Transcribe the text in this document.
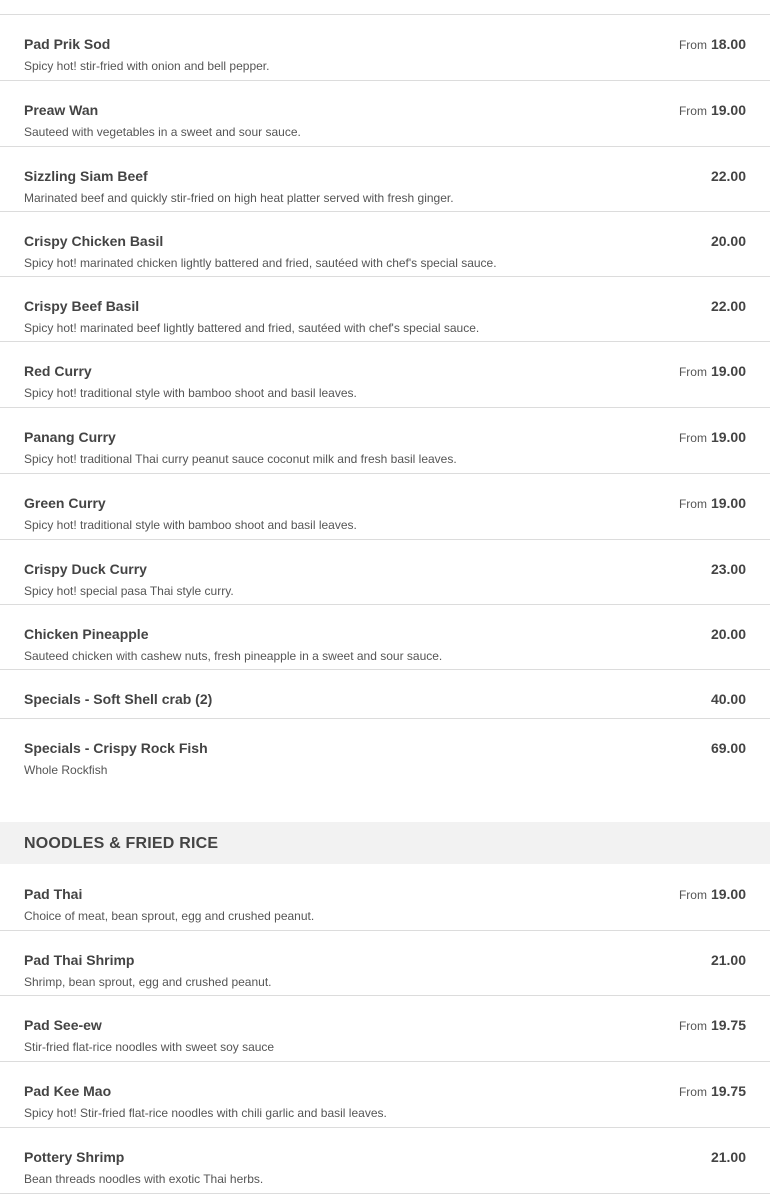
Pad Prik Sod
Spicy hot! stir-fried with onion and bell pepper.
From 18.00
Preaw Wan
Sauteed with vegetables in a sweet and sour sauce.
From 19.00
Sizzling Siam Beef
Marinated beef and quickly stir-fried on high heat platter served with fresh ginger.
22.00
Crispy Chicken Basil
Spicy hot! marinated chicken lightly battered and fried, sautéed with chef's special sauce.
20.00
Crispy Beef Basil
Spicy hot! marinated beef lightly battered and fried, sautéed with chef's special sauce.
22.00
Red Curry
Spicy hot! traditional style with bamboo shoot and basil leaves.
From 19.00
Panang Curry
Spicy hot! traditional Thai curry peanut sauce coconut milk and fresh basil leaves.
From 19.00
Green Curry
Spicy hot! traditional style with bamboo shoot and basil leaves.
From 19.00
Crispy Duck Curry
Spicy hot! special pasa Thai style curry.
23.00
Chicken Pineapple
Sauteed chicken with cashew nuts, fresh pineapple in a sweet and sour sauce.
20.00
Specials - Soft Shell crab (2)	40.00
Specials - Crispy Rock Fish
Whole Rockfish
69.00
NOODLES & FRIED RICE
Pad Thai
Choice of meat, bean sprout, egg and crushed peanut.
From 19.00
Pad Thai Shrimp
Shrimp, bean sprout, egg and crushed peanut.
21.00
Pad See-ew
Stir-fried flat-rice noodles with sweet soy sauce
From 19.75
Pad Kee Mao
Spicy hot! Stir-fried flat-rice noodles with chili garlic and basil leaves.
From 19.75
Pottery Shrimp
Bean threads noodles with exotic Thai herbs.
21.00
